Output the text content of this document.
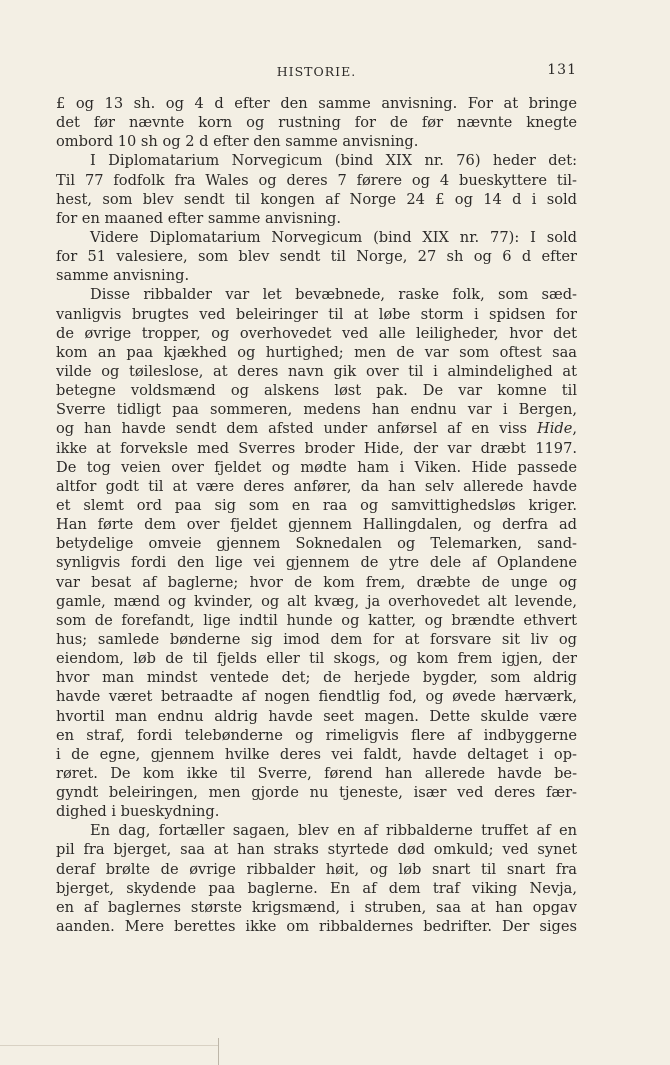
HISTORIE.	131
£ og 13 sh. og 4 d efter den samme anvisning. For at bringe
det før nævnte korn og rustning for de før nævnte knegte
ombord 10 sh og 2 d efter den samme anvisning.
I Diplomatarium Norvegicum (bind XIX nr. 76) heder det:
Til 77 fodfolk fra Wales og deres 7 førere og 4 bueskyttere til-
hest, som blev sendt til kongen af Norge 24 £ og 14 d i sold
for en maaned efter samme anvisning.
Videre Diplomatarium Norvegicum (bind XIX nr. 77): I sold
for 51 valesiere, som blev sendt til Norge, 27 sh og 6 d efter
samme anvisning.
Disse ribbalder var let bevæbnede, raske folk, som sæd-
vanligvis brugtes ved beleiringer til at løbe storm i spidsen for
de øvrige tropper, og overhovedet ved alle leiligheder, hvor det
kom an paa kjækhed og hurtighed; men de var som oftest saa
vilde og tøileslose, at deres navn gik over til i almindelighed at
betegne voldsmænd og alskens løst pak. De var komne til
Sverre tidligt paa sommeren, medens han endnu var i Bergen,
og han havde sendt dem afsted under anførsel af en viss Hide,
ikke at forveksle med Sverres broder Hide, der var dræbt 1197.
De tog veien over fjeldet og mødte ham i Viken. Hide passede
altfor godt til at være deres anfører, da han selv allerede havde
et slemt ord paa sig som en raa og samvittighedsløs kriger.
Han førte dem over fjeldet gjennem Hallingdalen, og derfra ad
betydelige omveie gjennem Soknedalen og Telemarken, sand-
synligvis fordi den lige vei gjennem de ytre dele af Oplandene
var besat af baglerne; hvor de kom frem, dræbte de unge og
gamle, mænd og kvinder, og alt kvæg, ja overhovedet alt levende,
som de forefandt, lige indtil hunde og katter, og brændte ethvert
hus; samlede bønderne sig imod dem for at forsvare sit liv og
eiendom, løb de til fjelds eller til skogs, og kom frem igjen, der
hvor man mindst ventede det; de herjede bygder, som aldrig
havde været betraadte af nogen fiendtlig fod, og øvede hærværk,
hvortil man endnu aldrig havde seet magen. Dette skulde være
en straf, fordi telebønderne og rimeligvis flere af indbyggerne
i de egne, gjennem hvilke deres vei faldt, havde deltaget i op-
røret. De kom ikke til Sverre, førend han allerede havde be-
gyndt beleiringen, men gjorde nu tjeneste, især ved deres fær-
dighed i bueskydning.
En dag, fortæller sagaen, blev en af ribbalderne truffet af en
pil fra bjerget, saa at han straks styrtede død omkuld; ved synet
deraf brølte de øvrige ribbalder høit, og løb snart til snart fra
bjerget, skydende paa baglerne. En af dem traf viking Nevja,
en af baglernes største krigsmænd, i struben, saa at han opgav
aanden. Mere berettes ikke om ribbaldernes bedrifter. Der siges
